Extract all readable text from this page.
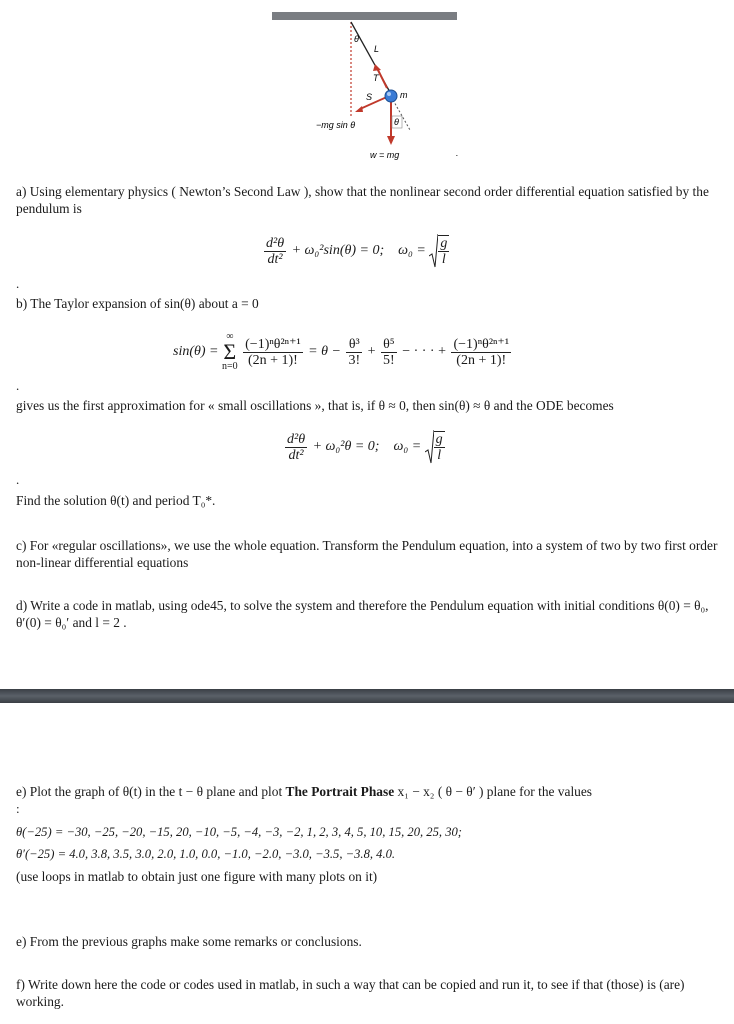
θ
L
T
S	m
−mg sin θ	θ
w = mg	.
a) Using elementary physics ( Newton’s Second Law ), show that the nonlinear second order differential equation satisfied by the pendulum is
$\frac{\text{d²θ}}{\text{dt²}} + \omega_0^2\sin(\theta) = 0$; $\omega_0 = \frac{g}{l}$
.
b) The Taylor expansion of sin(θ) about a = 0
sin(θ) = ∞
Σ
$n=0 \frac{\text{(−1)ⁿθ²ⁿ⁺¹}}{(2n + 1)!} = \theta - \frac{\text{θ³}}{3!} + \frac{\text{θ⁵}}{5!}$ − · · · + $\frac{\text{(−1)ⁿθ²ⁿ⁺¹}}{(2n + 1)!}$
.
gives us the first approximation for « small oscillations », that is, if θ ≈ 0, then sin(θ) ≈ θ and the ODE becomes
$\frac{\text{d²θ}}{\text{dt²}} + \omega_0^2\theta = 0$; $\omega_0 = \frac{g}{l}$
.
Find the solution θ(t) and period T₀*.
c) For «regular oscillations», we use the whole equation. Transform the Pendulum equation, into a system of two by two first order non-linear differential equations
d) Write a code in matlab, using ode45, to solve the system and therefore the Pendulum equation with initial conditions θ(0) = θ₀, θ′(0) = θ₀′ and l = 2 .
e) Plot the graph of θ(t) in the t − θ plane and plot The Portrait Phase x₁ − x₂ ( θ − θ′ ) plane for the values
:
θ(−25) = −30, −25, −20, −15, 20, −10, −5, −4, −3, −2, 1, 2, 3, 4, 5, 10, 15, 20, 25, 30;
θ′(−25) = 4.0, 3.8, 3.5, 3.0, 2.0, 1.0, 0.0, −1.0, −2.0, −3.0, −3.5, −3.8, 4.0.
(use loops in matlab to obtain just one figure with many plots on it)
e) From the previous graphs make some remarks or conclusions.
f) Write down here the code or codes used in matlab, in such a way that can be copied and run it, to see if that (those) is (are) working.
